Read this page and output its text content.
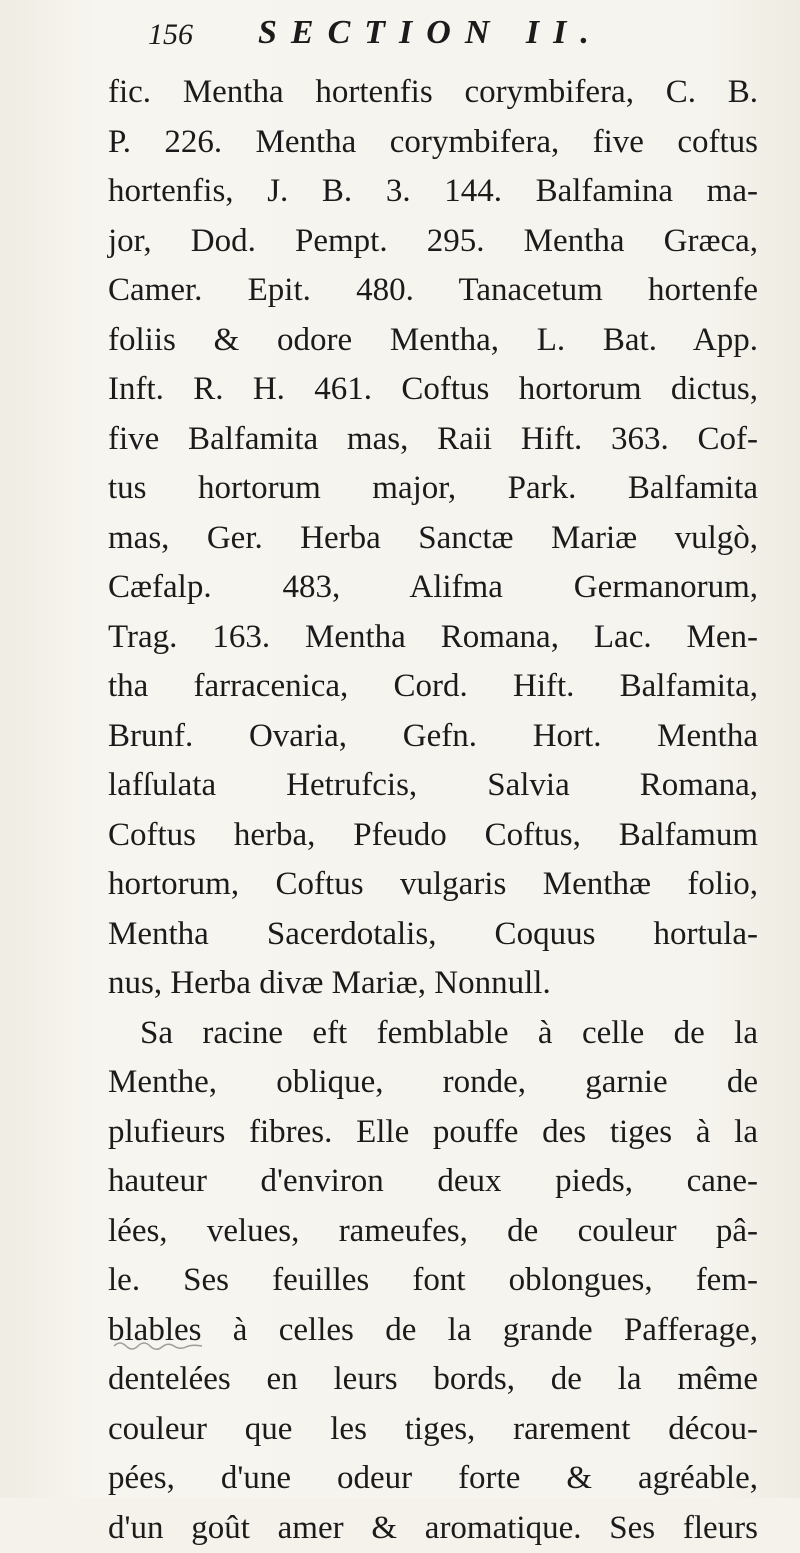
156 SECTION II.
fic. Mentha hortenfis corymbifera, C. B.
P. 226. Mentha corymbifera, five coftus
hortenfis, J. B. 3. 144. Balfamina ma-
jor, Dod. Pempt. 295. Mentha Græca,
Camer. Epit. 480. Tanacetum hortenfe
foliis & odore Mentha, L. Bat. App.
Inft. R. H. 461. Coftus hortorum dictus,
five Balfamita mas, Raii Hift. 363. Cof-
tus hortorum major, Park. Balfamita
mas, Ger. Herba Sanctæ Mariæ vulgò,
Cæfalp. 483, Alifma Germanorum,
Trag. 163. Mentha Romana, Lac. Men-
tha farracenica, Cord. Hift. Balfamita,
Brunf. Ovaria, Gefn. Hort. Mentha
lafſulata Hetrufcis, Salvia Romana,
Coftus herba, Pfeudo Coftus, Balfamum
hortorum, Coftus vulgaris Menthæ folio,
Mentha Sacerdotalis, Coquus hortula-
nus, Herba divæ Mariæ, Nonnull.
Sa racine eft femblable à celle de la
Menthe, oblique, ronde, garnie de
plufieurs fibres. Elle pouffe des tiges à la
hauteur d'environ deux pieds, cane-
lées, velues, rameufes, de couleur pâ-
le. Ses feuilles font oblongues, fem-
blables à celles de la grande Pafferage,
dentelées en leurs bords, de la même
couleur que les tiges, rarement décou-
pées, d'une odeur forte & agréable,
d'un goût amer & aromatique. Ses fleurs
